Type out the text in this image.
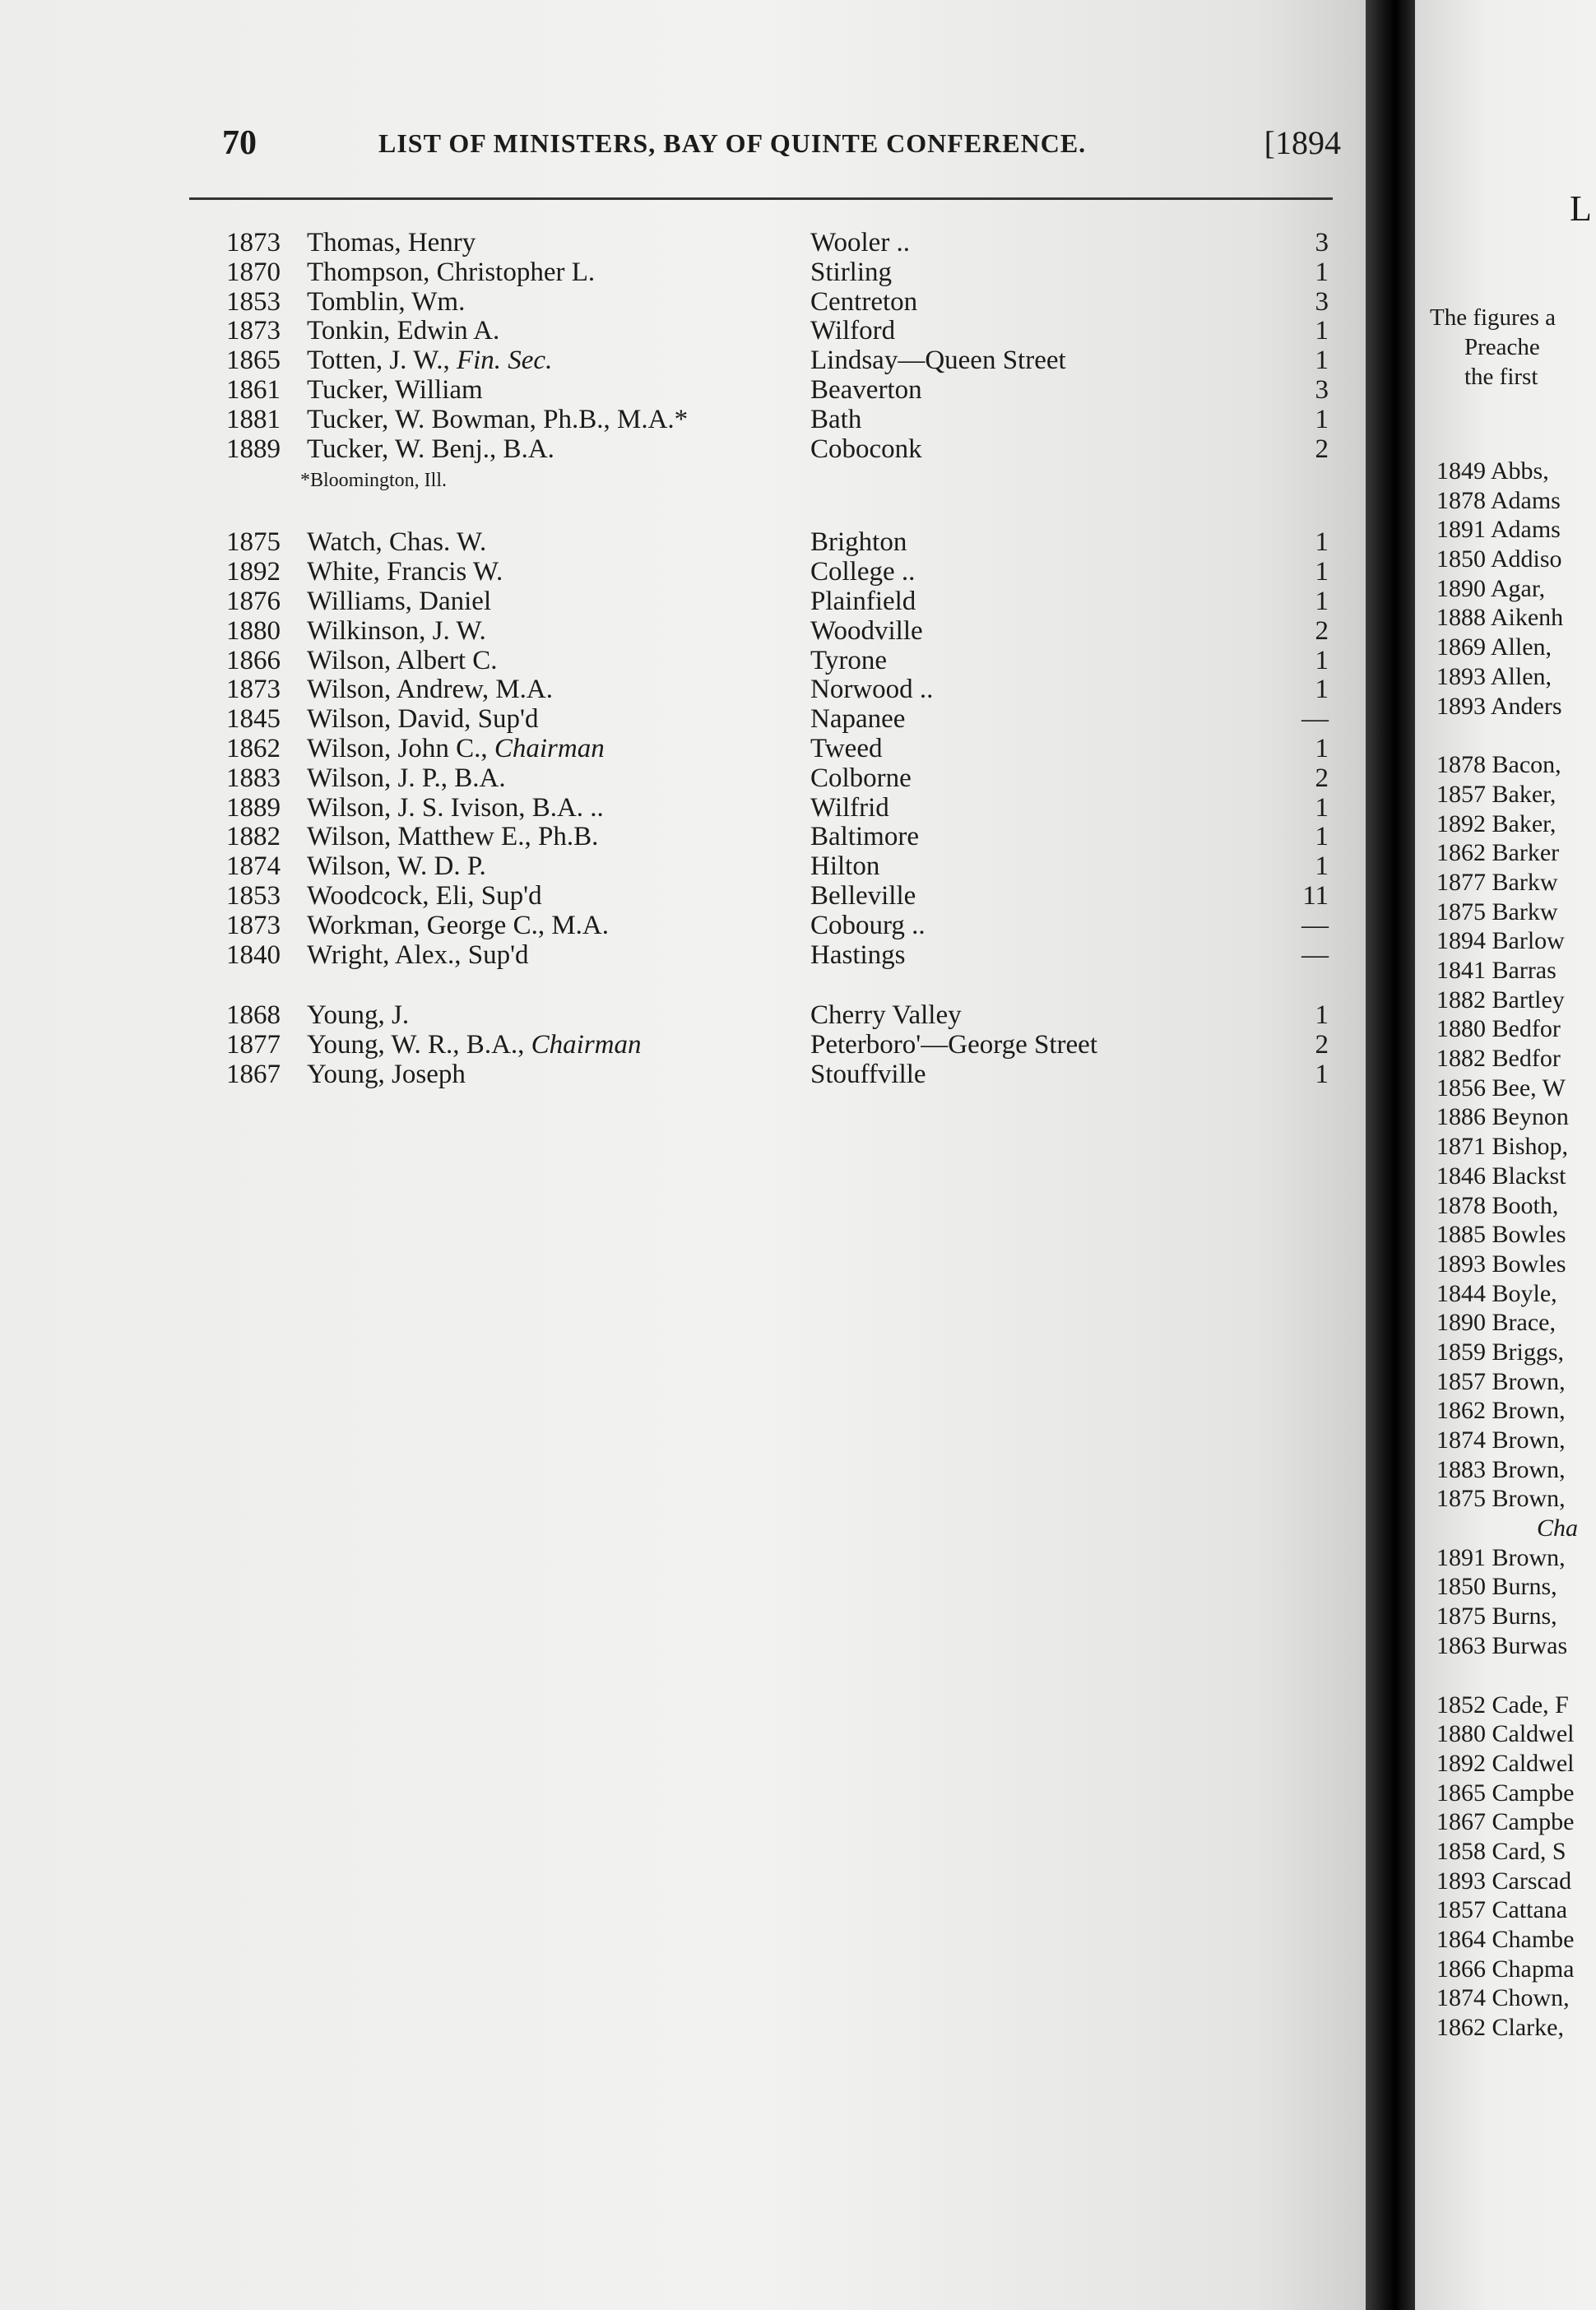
L
The figures a
Preache
the first
1849 Abbs,
1878 Adams
1891 Adams
1850 Addiso
1890 Agar,
1888 Aikenh
1869 Allen,
1893 Allen,
1893 Anders
1878 Bacon,
1857 Baker,
1892 Baker,
1862 Barker
1877 Barkw
1875 Barkw
1894 Barlow
1841 Barras
1882 Bartley
1880 Bedfor
1882 Bedfor
1856 Bee, W
1886 Beynon
1871 Bishop,
1846 Blackst
1878 Booth,
1885 Bowles
1893 Bowles
1844 Boyle,
1890 Brace,
1859 Briggs,
1857 Brown,
1862 Brown,
1874 Brown,
1883 Brown,
1875 Brown,
Cha
1891 Brown,
1850 Burns,
1875 Burns,
1863 Burwas
1852 Cade, F
1880 Caldwel
1892 Caldwel
1865 Campbe
1867 Campbe
1858 Card, S
1893 Carscad
1857 Cattana
1864 Chambe
1866 Chapma
1874 Chown,
1862 Clarke,
70	LIST OF MINISTERS, BAY OF QUINTE CONFERENCE.	[1894
1873 Thomas, Henry	Wooler ..	3
1870 Thompson, Christopher L.	Stirling	1
1853 Tomblin, Wm.	Centreton	3
1873 Tonkin, Edwin A.	Wilford	1
1865 Totten, J. W., Fin. Sec.	Lindsay—Queen Street	1
1861 Tucker, William	Beaverton	3
1881 Tucker, W. Bowman, Ph.B., M.A.*	Bath	1
1889 Tucker, W. Benj., B.A.	Coboconk	2
*Bloomington, Ill.
1875 Watch, Chas. W.	Brighton	1
1892 White, Francis W.	College ..	1
1876 Williams, Daniel	Plainfield	1
1880 Wilkinson, J. W.	Woodville	2
1866 Wilson, Albert C.	Tyrone	1
1873 Wilson, Andrew, M.A.	Norwood ..	1
1845 Wilson, David, Sup'd	Napanee	—
1862 Wilson, John C., Chairman	Tweed	1
1883 Wilson, J. P., B.A.	Colborne	2
1889 Wilson, J. S. Ivison, B.A. ..	Wilfrid	1
1882 Wilson, Matthew E., Ph.B.	Baltimore	1
1874 Wilson, W. D. P.	Hilton	1
1853 Woodcock, Eli, Sup'd	Belleville	11
1873 Workman, George C., M.A.	Cobourg ..	—
1840 Wright, Alex., Sup'd	Hastings	—
1868 Young, J.	Cherry Valley	1
1877 Young, W. R., B.A., Chairman	Peterboro'—George Street	2
1867 Young, Joseph	Stouffville	1
